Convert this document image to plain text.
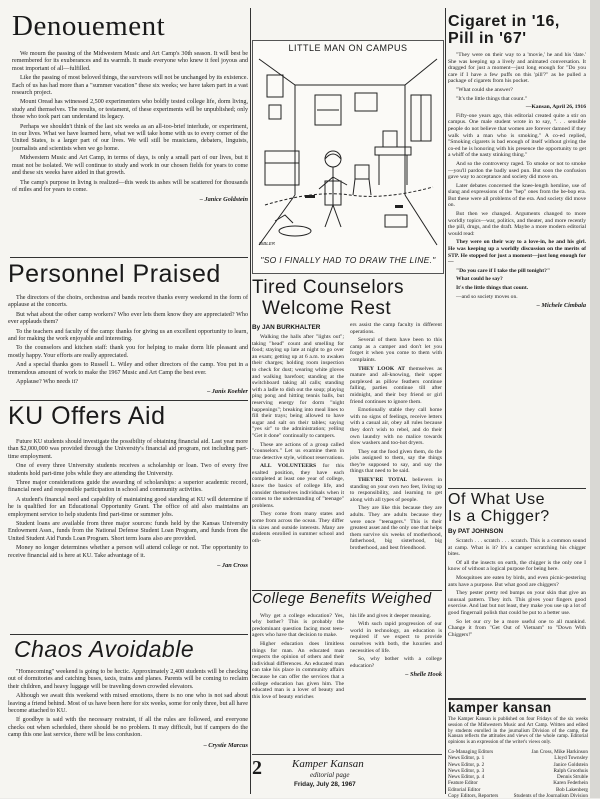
Denouement

We mourn the passing of the Midwestern Music and Art Camp's 30th season. It will best be remembered for its exuberances and its warmth. It made everyone who knew it feel joyous and most important of all—fulfilled.

Like the passing of most beloved things, the survivors will not be unchanged by its existence. Each of us has had more than a "summer vacation" these six weeks; we have taken part in a vast research project.

Mount Oread has witnessed 2,500 experimenters who boldly tested college life, dorm living, study and themselves. The results, or testament, of these experiments will be unpublished; only those who took part can understand its legacy.

Perhaps we shouldn't think of the last six weeks as an all-too-brief interlude, or experiment, in our lives. What we have learned here, what we will take home with us to every corner of the United States, is a larger part of our lives. We will still be musicians, debaters, linguists, journalists and scientists when we go home.

Midwestern Music and Art Camp, in terms of days, is only a small part of our lives, but it must not be isolated. We will continue to study and work in our chosen fields for years to come and these six weeks have aided in that growth.

The camp's purpose in living is realized—this week its ashes will be scattered for thousands of miles and for years to come.

– Janice Goldstein
LITTLE MAN ON CAMPUS
BIBLER
"SO I FINALLY HAD TO DRAW THE LINE."
Cigaret in '16,
Pill in '67'

"They were on their way to a 'movie,' he and his 'date.' She was keeping up a lively and animated conversation. It dragged for just a moment—just long enough for "Do you care if I have a few puffs on this 'pill'?" as he pulled a package of cigarets from his pocket.

"What could she answer?

"It's the little things that count."

—Kansan, April 26, 1916

Fifty-one years ago, this editorial created quite a stir on campus. One male student wrote in to say, ". . . sensible people do not believe that women are forever damned if they walk with a man who is smoking." A co-ed replied, "Smoking cigarets is bad enough of itself without giving the co-ed he is honoring with his presence the opportunity to get a whiff of the nasty stinking thing."

And so the controversy raged. To smoke or not to smoke—you'll pardon the badly used pun. But soon the confusion gave way to acceptance and society did move on.

Later debates concerned the knee-length hemline, use of slang and expressions of the "hep" ones from the be-bop era. But these were all problems of the era. And society did move on.

But then we changed. Arguments changed to more worldly topics—war, politics, and theater, and more recently the pill, drugs, and the draft. Maybe a more modern editorial would read:

They were on their way to a love-in, he and his girl. He was keeping up a worldly discussion on the merits of STP. He stopped for just a moment—just long enough for—

"Do you care if I take the pill tonight?"

What could he say?

It's the little things that count.

—and so society moves on.

– Michele Cimbala
Personnel Praised

The directors of the choirs, orchestras and bands receive thanks every weekend in the form of applause at the concerts.

But what about the other camp workers? Who ever lets them know they are appreciated? Who ever applauds them?

To the teachers and faculty of the camp: thanks for giving us an excellent opportunity to learn, and for making the work enjoyable and interesting.

To the counselors and kitchen staff: thank you for helping to make dorm life pleasant and mostly happy. Your efforts are really appreciated.

And a special thanks goes to Russell L. Wiley and other directors of the camp. You put in a tremendous amount of work to make the 1967 Music and Art Camp the best ever.

Applause? Who needs it?

– Janis Koehler
Tired Counselors
Welcome Rest
By JAN BURKHALTER

Walking the halls after "lights out"; taking "head" count and smelling for food; staying up late at night to go over an exam; getting up at 6 a.m. to awaken their charges; holding room inspection to check for dust; wearing white gloves and walking barefoot; standing at the switchboard taking all calls; standing with a ladle to dish out the soup; playing ping pong and hitting tennis balls, but reserving energy for dorm "night happenings"; breaking into meal lines to fill their trays; being allowed to have sugar and salt on their tables; saying "yes sir" to the administration; yelling "Get it done" continually to campers.

These are actions of a group called "counselors." Let us examine them in true detective style, without reservations.

ALL VOLUNTEERS for this exalted position, they have each completed at least one year of college, know the basics of college life, and consider themselves individuals when it comes to the understanding of "teenage" problems.

They come from many states and some from across the ocean. They differ in sizes and outside interests. Many are students enrolled in summer school and oth-

ers assist the camp faculty in different operations.

Several of them have been to this camp as a camper and don't let you forget it when you come to them with complaints.

THEY LOOK AT themselves as mature and all-knowing, their upper purplexed as pillow feathers continue falling, parties continue till after midnight, and their boy friend or girl friend continues to ignore them.

Emotionally stable they call home with no signs of feelings, receive letters with a casual air, obey all rules because they don't wish to rebel, and do their own laundry with no malice towards slow washers and too-hot dryers.

They eat the food given them, do the jobs assigned to them, say the things they're supposed to say, and say the things that need to be said.

THEY'RE TOTAL believers in standing on your own two feet, living up to responsibility, and learning to get along with all types of people.

They are like this because they are adults. They are adults because they were once "teenagers." This is their greatest asset and the only one that helps them survive six weeks of motherhood, fatherhood, big sisterhood, big brotherhood, and best friendhood.

KU Offers Aid

Future KU students should investigate the possibility of obtaining financial aid. Last year more than $2,000,000 was provided through the University's financial aid program, not including part-time employment.

One of every three University students receives a scholarship or loan. Two of every five students hold part-time jobs while they are attending the University.

Three major considerations guide the awarding of scholarships: a superior academic record, financial need and responsible participation in school and community activities.

A student's financial need and capability of maintaining good standing at KU will determine if he is qualified for an Educational Opportunity Grant. The office of aid also maintains an employment service to help students find part-time or summer jobs.

Student loans are available from three major sources: funds held by the Kansas University Endowment Assn., funds from the National Defense Student Loan Program, and funds from the United Student Aid Funds Loan Program. Short term loans also are provided.

Money no longer determines whether a person will attend college or not. The opportunity to receive financial aid is here at KU. Take advantage of it.

– Jan Cross
Of What Use
Is a Chigger?
By PAT JOHNSON

Scratch . . . scratch . . . scratch. This is a common sound at camp. What is it? It's a camper scratching his chigger bites.

Of all the insects on earth, the chigger is the only one I know of without a logical purpose for being here.

Mosquitoes are eaten by birds, and even picnic-pestering ants have a purpose. But what good are chiggers?

They pester pretty red bumps on your skin that give an unusual pattern. They itch. This gives your fingers good exercise. And last but not least, they make you use up a lot of good fingernail polish that could be put to a better use.

So let our cry be a more useful one to all mankind. Change it from "Get Out of Vietnam" to "Down With Chiggers!"

College Benefits Weighed

Why get a college education? Yes, why bother? This is probably the predominant question facing most teen-agers who have that decision to make.

Higher education does limitless things for man. An educated man respects the opinion of others and their individual differences. An educated man can take his place in community affairs because he can offer the services that a college education has given him. The educated man is a lover of beauty and this love of beauty enriches

his life and gives it deeper meaning.

With such rapid progression of our world in technology, an education is required if we expect to provide ourselves with both, the luxuries and necessities of life.

So, why bother with a college education?

– Shelle Hook
Chaos Avoidable

"Homecoming" weekend is going to be hectic. Approximately 2,400 students will be checking out of dormitories and catching buses, taxis, trains and planes. Parents will be coming to reclaim their children, and heavy luggage will be traveling down crowded elevators.

Although we await this weekend with mixed emotions, there is no one who is not sad about leaving a friend behind. Most of us have been here for six weeks, some for only three, but all have become attached to KU.

If goodbye is said with the necessary restraint, if all the rules are followed, and everyone checks out when scheduled, there should be no problem. It may difficult, but if campers do the camp this one last service, there will be less confusion.

– Crystie Marcus
2	Kamper Kansan
editorial page
Friday, July 28, 1967
kamper kansan

The Kamper Kansan is published on four Fridays of the six weeks session of the Midwestern Music and Art Camp. Written and edited by students enrolled in the journalism Division of the camp, the Kansan reflects the attitudes and views of the whole camp. Editorial opinions is an expression of the writer's views only.

Co-Managing Editors	Jan Cross, Mike Harkinson
News Editor, p. 1	Lloyd Townsley
News Editor, p. 2	Janice Goldstein
News Editor, p. 3	Ralph Groothuis
News Editor, p. 4	Dennis Struble
Feature Editor	Karen Federhein
Editorial Editor	Bob Lakenberg
Copy Editors, Reporters	Students of the Journalism Division
